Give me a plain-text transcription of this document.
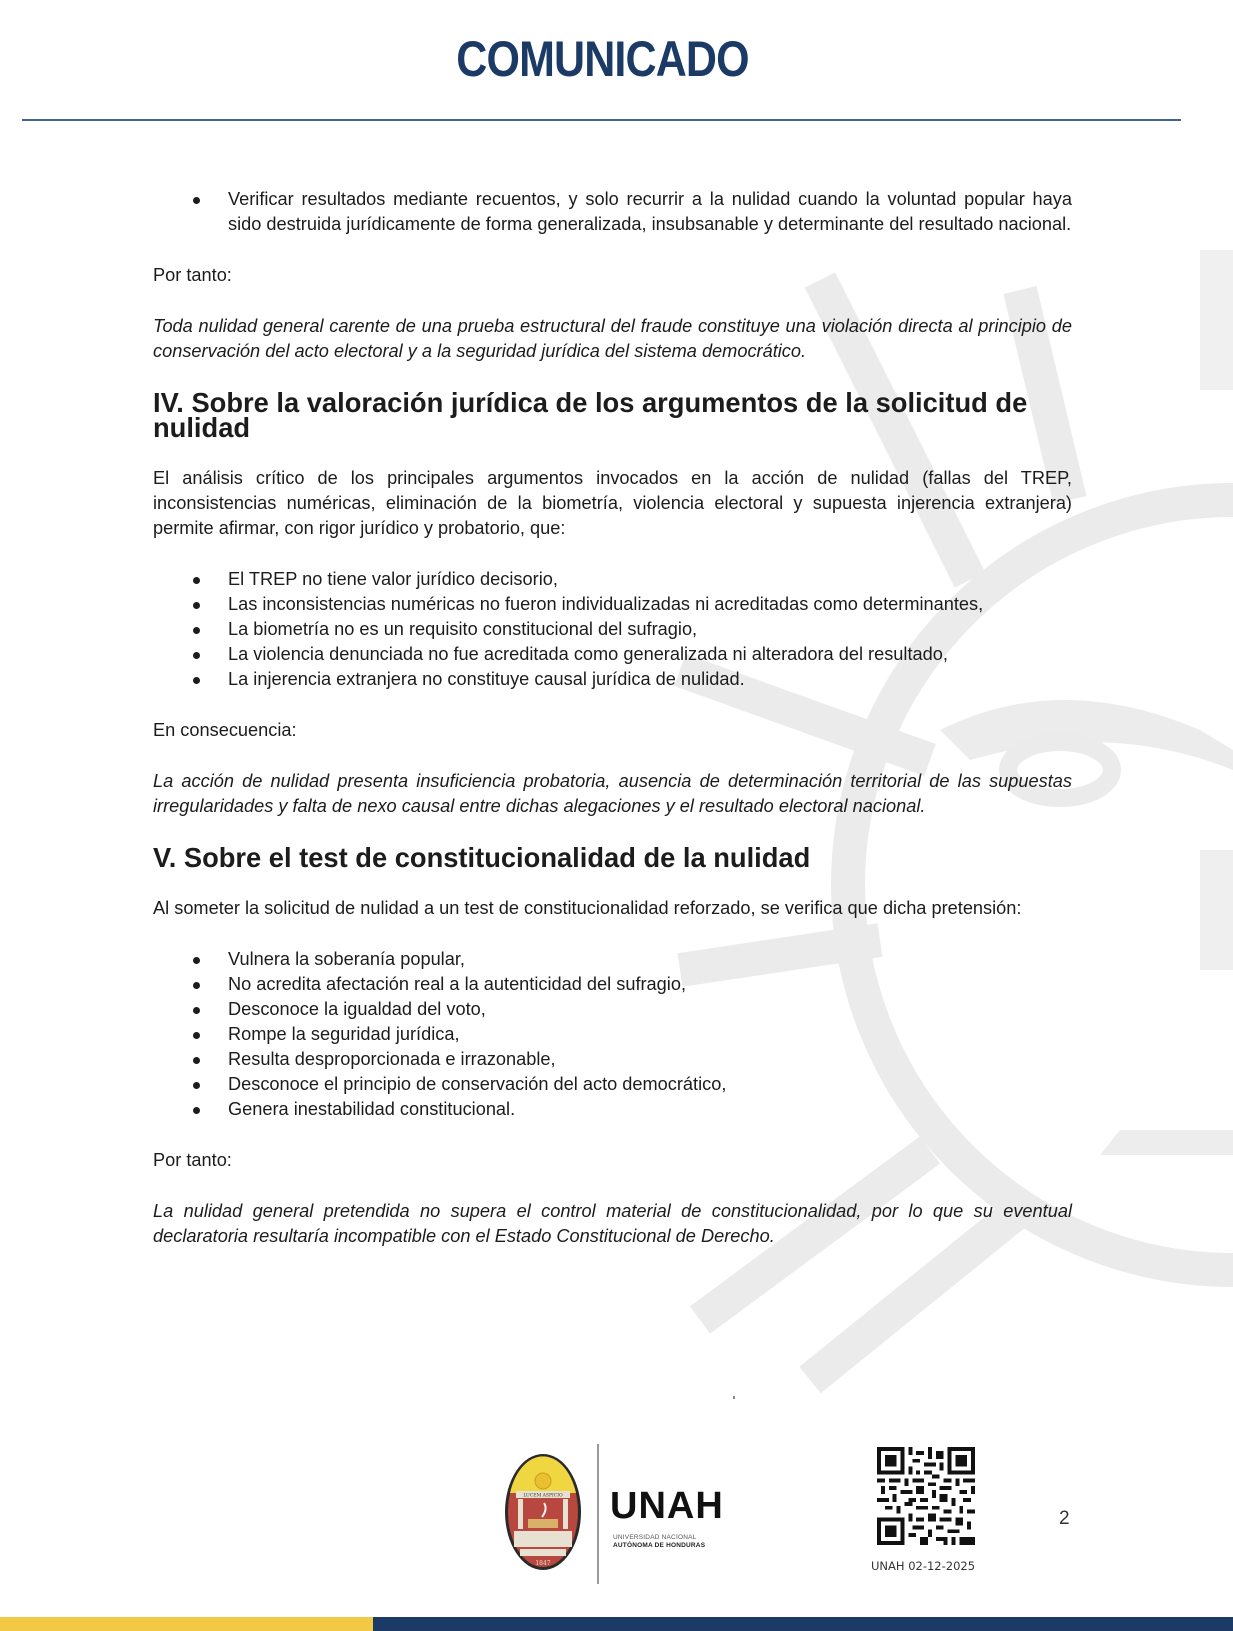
COMUNICADO
Verificar resultados mediante recuentos, y solo recurrir a la nulidad cuando la voluntad popular haya sido destruida jurídicamente de forma generalizada, insubsanable y determinante del resultado nacional.

Por tanto:

Toda nulidad general carente de una prueba estructural del fraude constituye una violación directa al principio de conservación del acto electoral y a la seguridad jurídica del sistema democrático.

IV. Sobre la valoración jurídica de los argumentos de la solicitud de nulidad

El análisis crítico de los principales argumentos invocados en la acción de nulidad (fallas del TREP, inconsistencias numéricas, eliminación de la biometría, violencia electoral y supuesta injerencia extranjera) permite afirmar, con rigor jurídico y probatorio, que:

El TREP no tiene valor jurídico decisorio,
Las inconsistencias numéricas no fueron individualizadas ni acreditadas como determinantes,
La biometría no es un requisito constitucional del sufragio,
La violencia denunciada no fue acreditada como generalizada ni alteradora del resultado,
La injerencia extranjera no constituye causal jurídica de nulidad.

En consecuencia:

La acción de nulidad presenta insuficiencia probatoria, ausencia de determinación territorial de las supuestas irregularidades y falta de nexo causal entre dichas alegaciones y el resultado electoral nacional.

V. Sobre el test de constitucionalidad de la nulidad

Al someter la solicitud de nulidad a un test de constitucionalidad reforzado, se verifica que dicha pretensión:

Vulnera la soberanía popular,
No acredita afectación real a la autenticidad del sufragio,
Desconoce la igualdad del voto,
Rompe la seguridad jurídica,
Resulta desproporcionada e irrazonable,
Desconoce el principio de conservación del acto democrático,
Genera inestabilidad constitucional.

Por tanto:

La nulidad general pretendida no supera el control material de constitucionalidad, por lo que su eventual declaratoria resultaría incompatible con el Estado Constitucional de Derecho.

LUCEM ASPICIO
1847
UNAH
UNIVERSIDAD NACIONAL
AUTÓNOMA DE HONDURAS
UNAH 02-12-2025
2
